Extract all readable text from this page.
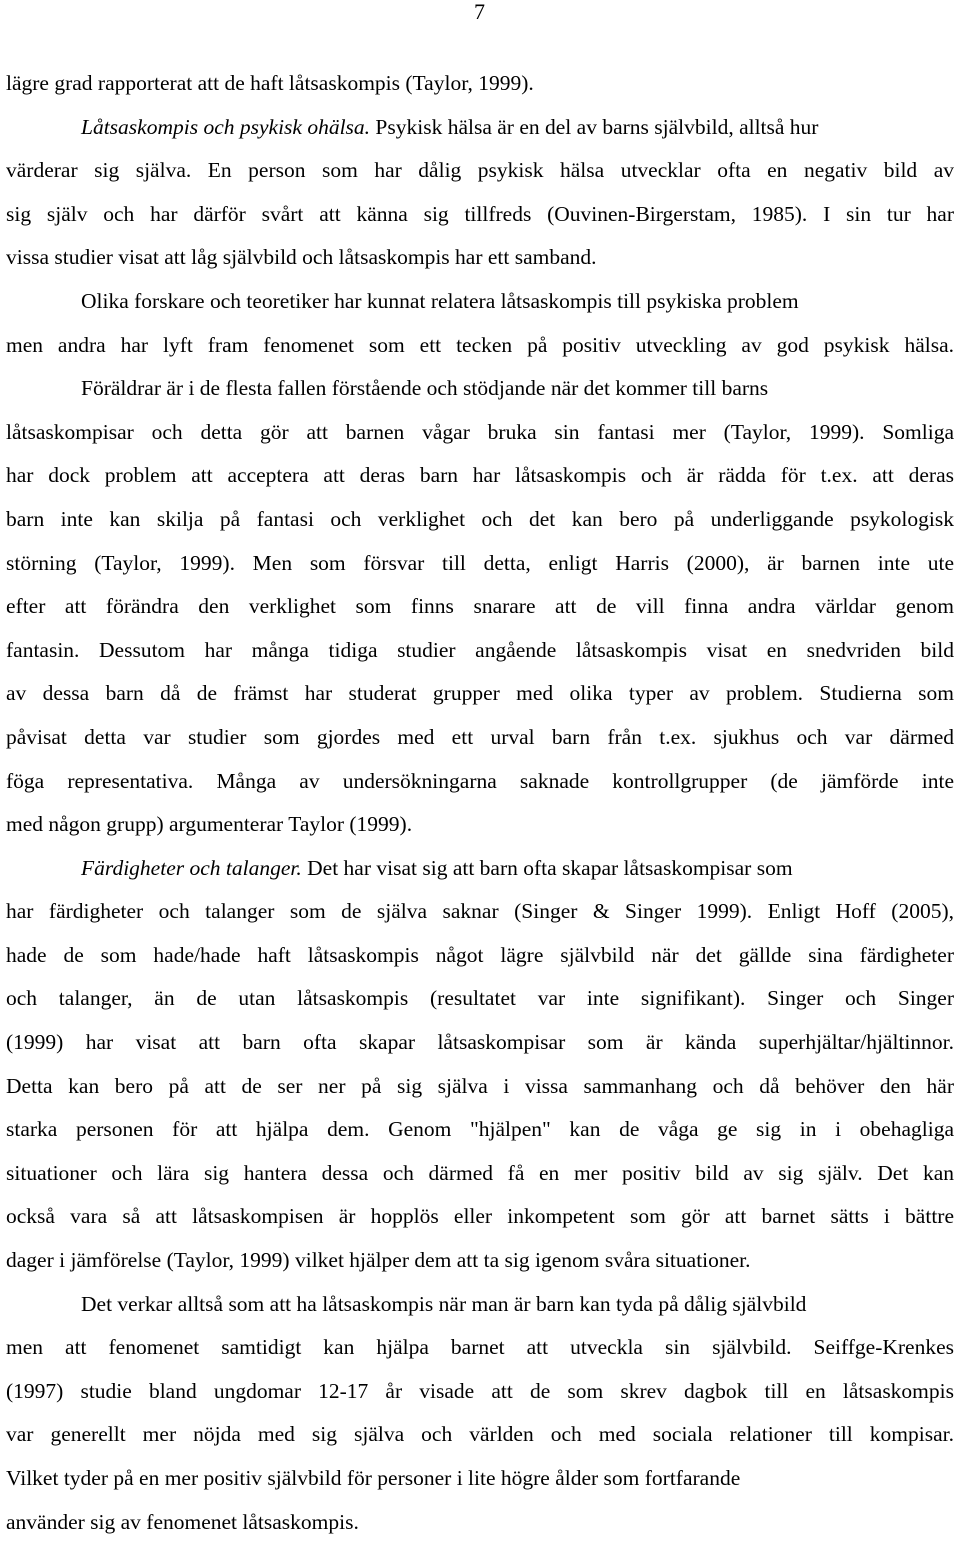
7
lägre grad rapporterat att de haft låtsaskompis (Taylor, 1999).
Låtsaskompis och psykisk ohälsa. Psykisk hälsa är en del av barns självbild, alltså hur
värderar sig själva. En person som har dålig psykisk hälsa utvecklar ofta en negativ bild av
sig själv och har därför svårt att känna sig tillfreds (Ouvinen-Birgerstam, 1985). I sin tur har
vissa studier visat att låg självbild och låtsaskompis har ett samband.
Olika forskare och teoretiker har kunnat relatera låtsaskompis till psykiska problem
men andra har lyft fram fenomenet som ett tecken på positiv utveckling av god psykisk hälsa.
Föräldrar är i de flesta fallen förstående och stödjande när det kommer till barns
låtsaskompisar och detta gör att barnen vågar bruka sin fantasi mer (Taylor, 1999). Somliga
har dock problem att acceptera att deras barn har låtsaskompis och är rädda för t.ex. att deras
barn inte kan skilja på fantasi och verklighet och det kan bero på underliggande psykologisk
störning (Taylor, 1999). Men som försvar till detta, enligt Harris (2000), är barnen inte ute
efter att förändra den verklighet som finns snarare att de vill finna andra världar genom
fantasin. Dessutom har många tidiga studier angående låtsaskompis visat en snedvriden bild
av dessa barn då de främst har studerat grupper med olika typer av problem. Studierna som
påvisat detta var studier som gjordes med ett urval barn från t.ex. sjukhus och var därmed
föga representativa. Många av undersökningarna saknade kontrollgrupper (de jämförde inte
med någon grupp) argumenterar Taylor (1999).
Färdigheter och talanger. Det har visat sig att barn ofta skapar låtsaskompisar som
har färdigheter och talanger som de själva saknar (Singer & Singer 1999). Enligt Hoff (2005),
hade de som hade/hade haft låtsaskompis något lägre självbild när det gällde sina färdigheter
och talanger, än de utan låtsaskompis (resultatet var inte signifikant). Singer och Singer
(1999) har visat att barn ofta skapar låtsaskompisar som är kända superhjältar/hjältinnor.
Detta kan bero på att de ser ner på sig själva i vissa sammanhang och då behöver den här
starka personen för att hjälpa dem. Genom "hjälpen" kan de våga ge sig in i obehagliga
situationer och lära sig hantera dessa och därmed få en mer positiv bild av sig själv. Det kan
också vara så att låtsaskompisen är hopplös eller inkompetent som gör att barnet sätts i bättre
dager i jämförelse (Taylor, 1999) vilket hjälper dem att ta sig igenom svåra situationer.
Det verkar alltså som att ha låtsaskompis när man är barn kan tyda på dålig självbild
men att fenomenet samtidigt kan hjälpa barnet att utveckla sin självbild. Seiffge-Krenkes
(1997) studie bland ungdomar 12-17 år visade att de som skrev dagbok till en låtsaskompis
var generellt mer nöjda med sig själva och världen och med sociala relationer till kompisar.
Vilket tyder på en mer positiv självbild för personer i lite högre ålder som fortfarande
använder sig av fenomenet låtsaskompis.
